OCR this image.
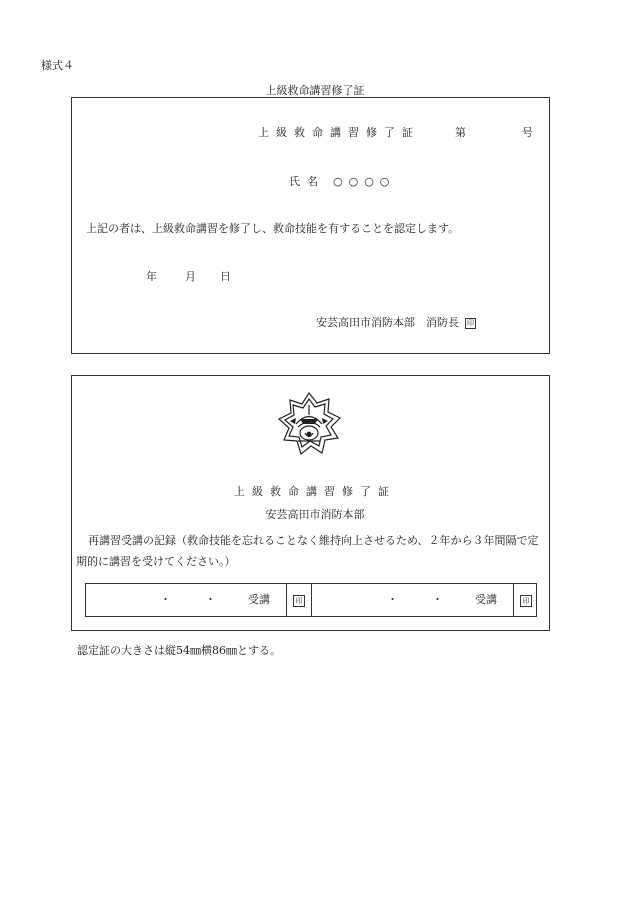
様式４
上級救命講習修了証
上級救命講習修了証	第	号
氏名 ○○○○
上記の者は、上級救命講習を修了し、救命技能を有することを認定します。
年	月 日
安芸高田市消防本部　消防長 印
上級救命講習修了証
安芸高田市消防本部
再講習受講の記録（救命技能を忘れることなく維持向上させるため、２年から３年間隔で定期的に講習を受けてください。）
・	・	受講	印	・	・	受講	印
認定証の大きさは縦54㎜横86㎜とする。
